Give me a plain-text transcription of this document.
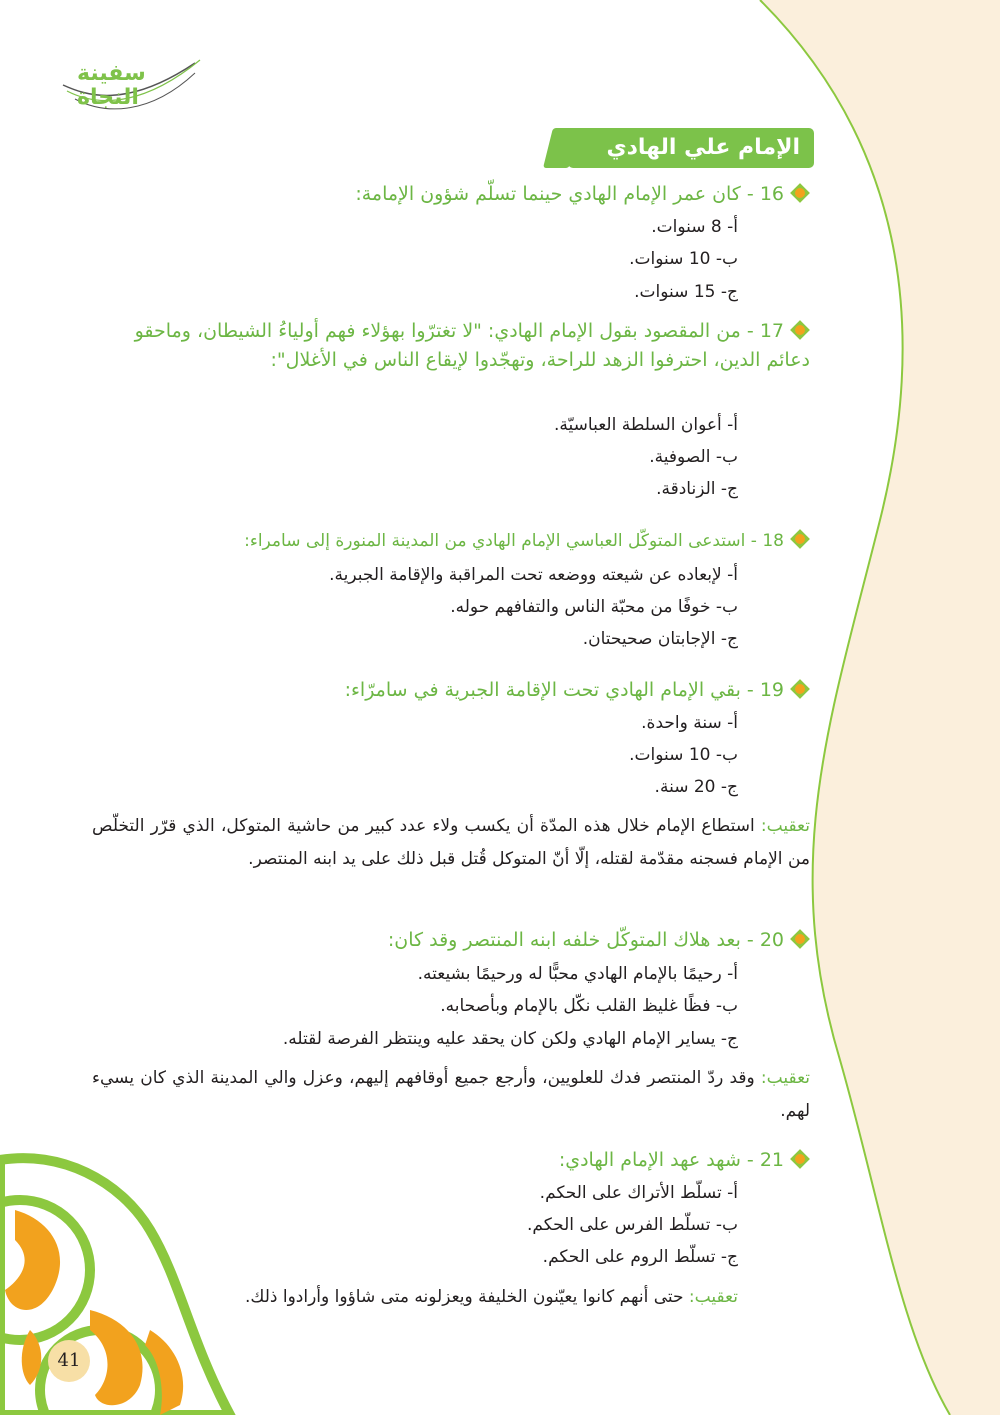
سفينة
النجاة
الإمام علي الهادي
16 - كان عمر الإمام الهادي حينما تسلّم شؤون الإمامة:
أ- 8 سنوات.
ب- 10 سنوات.
ج- 15 سنوات.
17 - من المقصود بقول الإمام الهادي: "لا تغترّوا بهؤلاء فهم أولياءُ الشيطان، وماحقو دعائم الدين، احترفوا الزهد للراحة، وتهجّدوا لإيقاع الناس في الأغلال":
أ- أعوان السلطة العباسيّة.
ب- الصوفية.
ج- الزنادقة.
18 - استدعى المتوكّل العباسي الإمام الهادي من المدينة المنورة إلى سامراء:
أ- لإبعاده عن شيعته ووضعه تحت المراقبة والإقامة الجبرية.
ب- خوفًا من محبّة الناس والتفافهم حوله.
ج- الإجابتان صحيحتان.
19 - بقي الإمام الهادي تحت الإقامة الجبرية في سامرّاء:
أ- سنة واحدة.
ب- 10 سنوات.
ج- 20 سنة.
تعقيب: استطاع الإمام خلال هذه المدّة أن يكسب ولاء عدد كبير من حاشية المتوكل، الذي قرّر التخلّص من الإمام فسجنه مقدّمة لقتله، إلّا أنّ المتوكل قُتل قبل ذلك على يد ابنه المنتصر.
20 - بعد هلاك المتوكّل خلفه ابنه المنتصر وقد كان:
أ- رحيمًا بالإمام الهادي محبًّا له ورحيمًا بشيعته.
ب- فظًا غليظ القلب نكّل بالإمام وبأصحابه.
ج- يساير الإمام الهادي ولكن كان يحقد عليه وينتظر الفرصة لقتله.
تعقيب: وقد ردّ المنتصر فدك للعلويين، وأرجع جميع أوقافهم إليهم، وعزل والي المدينة الذي كان يسيء لهم.
21 - شهد عهد الإمام الهادي:
أ- تسلّط الأتراك على الحكم.
ب- تسلّط الفرس على الحكم.
ج- تسلّط الروم على الحكم.
تعقيب: حتى أنهم كانوا يعيّنون الخليفة ويعزلونه متى شاؤوا وأرادوا ذلك.
41
